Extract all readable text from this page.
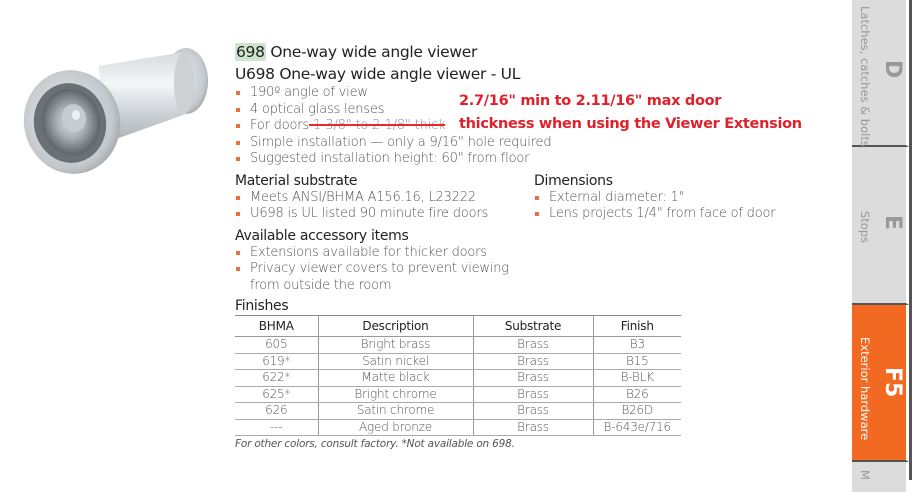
698 One-way wide angle viewer
U698 One-way wide angle viewer - UL
190º angle of view
4 optical glass lenses
For doors 1-3/8" to 2-1/8" thick
Simple installation — only a 9/16" hole required
Suggested installation height: 60" from floor
Material substrate
Meets ANSI/BHMA A156.16, L23222
U698 is UL listed 90 minute fire doors
Dimensions
External diameter: 1"
Lens projects 1/4" from face of door
Available accessory items
Extensions available for thicker doors
Privacy viewer covers to prevent viewing from outside the room
Finishes
BHMA	Description	Substrate	Finish
605	Bright brass	Brass	B3
619*	Satin nickel	Brass	B15
622*	Matte black	Brass	B-BLK
625*	Bright chrome	Brass	B26
626	Satin chrome	Brass	B26D
---	Aged bronze	Brass	B-643e/716
For other colors, consult factory. *Not available on 698.
2.7/16" min to 2.11/16" max door
thickness when using the Viewer Extension	Latches, catches & bolts D
Stops E
Exterior hardware F5
M
